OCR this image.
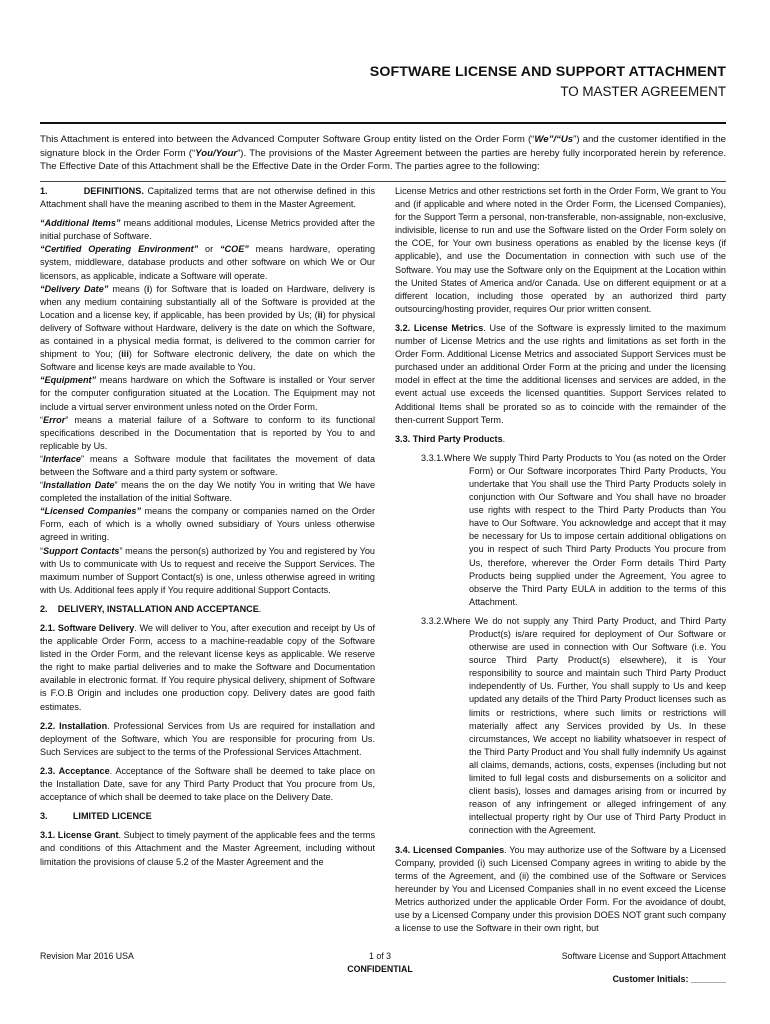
SOFTWARE LICENSE AND SUPPORT ATTACHMENT
TO MASTER AGREEMENT
This Attachment is entered into between the Advanced Computer Software Group entity listed on the Order Form (“We”/“Us”) and the customer identified in the signature block in the Order Form (“You/Your”). The provisions of the Master Agreement between the parties are hereby fully incorporated herein by reference. The Effective Date of this Attachment shall be the Effective Date in the Order Form. The parties agree to the following:

1.	DEFINITIONS. Capitalized terms that are not otherwise defined in this Attachment shall have the meaning ascribed to them in the Master Agreement.

“Additional Items” means additional modules, License Metrics provided after the initial purchase of Software.

“Certified Operating Environment” or “COE” means hardware, operating system, middleware, database products and other software on which We or Our licensors, as applicable, indicate a Software will operate.

“Delivery Date” means (i) for Software that is loaded on Hardware, delivery is when any medium containing substantially all of the Software is provided at the Location and a license key, if applicable, has been provided by Us; (ii) for physical delivery of Software without Hardware, delivery is the date on which the Software, as contained in a physical media format, is delivered to the common carrier for shipment to You; (iii) for Software electronic delivery, the date on which the Software and license keys are made available to You.

“Equipment” means hardware on which the Software is installed or Your server for the computer configuration situated at the Location. The Equipment may not include a virtual server environment unless noted on the Order Form.

“Error” means a material failure of a Software to conform to its functional specifications described in the Documentation that is reported by You to and replicable by Us.

“Interface” means a Software module that facilitates the movement of data between the Software and a third party system or software.

“Installation Date” means the on the day We notify You in writing that We have completed the installation of the initial Software.

“Licensed Companies” means the company or companies named on the Order Form, each of which is a wholly owned subsidiary of Yours unless otherwise agreed in writing.

“Support Contacts” means the person(s) authorized by You and registered by You with Us to communicate with Us to request and receive the Support Services. The maximum number of Support Contact(s) is one, unless otherwise agreed in writing with Us. Additional fees apply if You require additional Support Contacts.

2. DELIVERY, INSTALLATION AND ACCEPTANCE.

2.1. Software Delivery. We will deliver to You, after execution and receipt by Us of the applicable Order Form, access to a machine-readable copy of the Software listed in the Order Form, and the relevant license keys as applicable. We reserve the right to make partial deliveries and to make the Software and Documentation available in electronic format. If You require physical delivery, shipment of Software is F.O.B Origin and includes one production copy. Delivery dates are good faith estimates.

2.2. Installation. Professional Services from Us are required for installation and deployment of the Software, which You are responsible for procuring from Us. Such Services are subject to the terms of the Professional Services Attachment.

2.3. Acceptance. Acceptance of the Software shall be deemed to take place on the Installation Date, save for any Third Party Product that You procure from Us, acceptance of which shall be deemed to take place on the Delivery Date.

3.	LIMITED LICENCE

3.1. License Grant. Subject to timely payment of the applicable fees and the terms and conditions of this Attachment and the Master Agreement, including without limitation the provisions of clause 5.2 of the Master Agreement and the

License Metrics and other restrictions set forth in the Order Form, We grant to You and (if applicable and where noted in the Order Form, the Licensed Companies), for the Support Term a personal, non-transferable, non-assignable, non-exclusive, indivisible, license to run and use the Software listed on the Order Form solely on the COE, for Your own business operations as enabled by the license keys (if applicable), and use the Documentation in connection with such use of the Software. You may use the Software only on the Equipment at the Location within the United States of America and/or Canada. Use on different equipment or at a different location, including those operated by an authorized third party outsourcing/hosting provider, requires Our prior written consent.

3.2. License Metrics. Use of the Software is expressly limited to the maximum number of License Metrics and the use rights and limitations as set forth in the Order Form. Additional License Metrics and associated Support Services must be purchased under an additional Order Form at the pricing and under the licensing model in effect at the time the additional licenses and services are added, in the event actual use exceeds the licensed quantities. Support Services related to Additional Items shall be prorated so as to coincide with the remainder of the then-current Support Term.

3.3. Third Party Products.

3.3.1.Where We supply Third Party Products to You (as noted on the Order Form) or Our Software incorporates Third Party Products, You undertake that You shall use the Third Party Products solely in conjunction with Our Software and You shall have no broader use rights with respect to the Third Party Products than You have to Our Software. You acknowledge and accept that it may be necessary for Us to impose certain additional obligations on you in respect of such Third Party Products You procure from Us, therefore, wherever the Order Form details Third Party Products being supplied under the Agreement, You agree to observe the Third Party EULA in addition to the terms of this Attachment.

3.3.2.Where We do not supply any Third Party Product, and Third Party Product(s) is/are required for deployment of Our Software or otherwise are used in connection with Our Software (i.e. You source Third Party Product(s) elsewhere), it is Your responsibility to source and maintain such Third Party Product independently of Us. Further, You shall supply to Us and keep updated any details of the Third Party Product licenses such as limits or restrictions, where such limits or restrictions will materially affect any Services provided by Us. In these circumstances, We accept no liability whatsoever in respect of the Third Party Product and You shall fully indemnify Us against all claims, demands, actions, costs, expenses (including but not limited to full legal costs and disbursements on a solicitor and client basis), losses and damages arising from or incurred by reason of any infringement or alleged infringement of any intellectual property right by Our use of Third Party Product in connection with the Agreement.

3.4. Licensed Companies. You may authorize use of the Software by a Licensed Company, provided (i) such Licensed Company agrees in writing to abide by the terms of the Agreement, and (ii) the combined use of the Software or Services hereunder by You and Licensed Companies shall in no event exceed the License Metrics authorized under the applicable Order Form. For the avoidance of doubt, use by a Licensed Company under this provision DOES NOT grant such company a license to use the Software in their own right, but

Revision Mar 2016 USA	1 of 3
CONFIDENTIAL
Software License and Support Attachment
Customer Initials: _______
